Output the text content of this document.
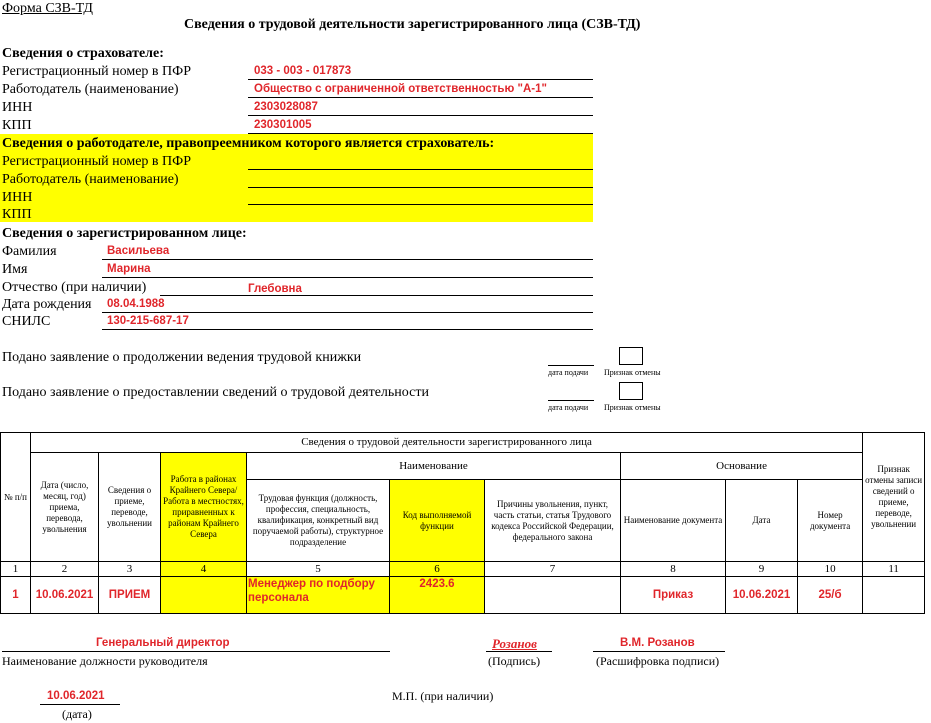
Форма СЗВ-ТД
Сведения о трудовой деятельности зарегистрированного лица (СЗВ-ТД)
Сведения о страхователе:
Регистрационный номер в ПФР	033 - 003 - 017873
Работодатель (наименование)	Общество с ограниченной ответственностью "А-1"
ИНН	2303028087
КПП	230301005
Сведения о работодателе, правопреемником которого является страхователь:
Регистрационный номер в ПФР
Работодатель (наименование)
ИНН
КПП
Сведения о зарегистрированном лице:
Фамилия	Васильева
Имя	Марина
Отчество (при наличии)	Глебовна
Дата рождения 08.04.1988
СНИЛС	130-215-687-17
Подано заявление о продолжении ведения трудовой книжки
дата подачи Признак отмены
Подано заявление о предоставлении сведений о трудовой деятельности
дата подачи Признак отмены
№ п/п	Сведения о трудовой деятельности зарегистрированного лица									Признак отмены записи сведений о приеме, переводе, увольнении
	Дата (число, месяц, год) приема, перевода, увольнения	Сведения о приеме, переводе, увольнении	Работа в районах Крайнего Севера/Работа в местностях, приравненных к районам Крайнего Севера	Наименование			Основание			
				Трудовая функция (должность, профессия, специальность, квалификация, конкретный вид поручаемой работы), структурное подразделение	Код выполняемой функции	Причины увольнения, пункт, часть статьи, статья Трудового кодекса Российской Федерации, федерального закона	Наименование документа	Дата	Номер документа	
1	2	3	4	5	6	7	8	9	10	11
1	10.06.2021	ПРИЕМ		Менеджер по подбору персонала	2423.6		Приказ	10.06.2021	25/б	
Генеральный директор
Наименование должности руководителя
Розанов
(Подпись)
В.М. Розанов
(Расшифровка подписи)
10.06.2021
(дата)
М.П. (при наличии)
